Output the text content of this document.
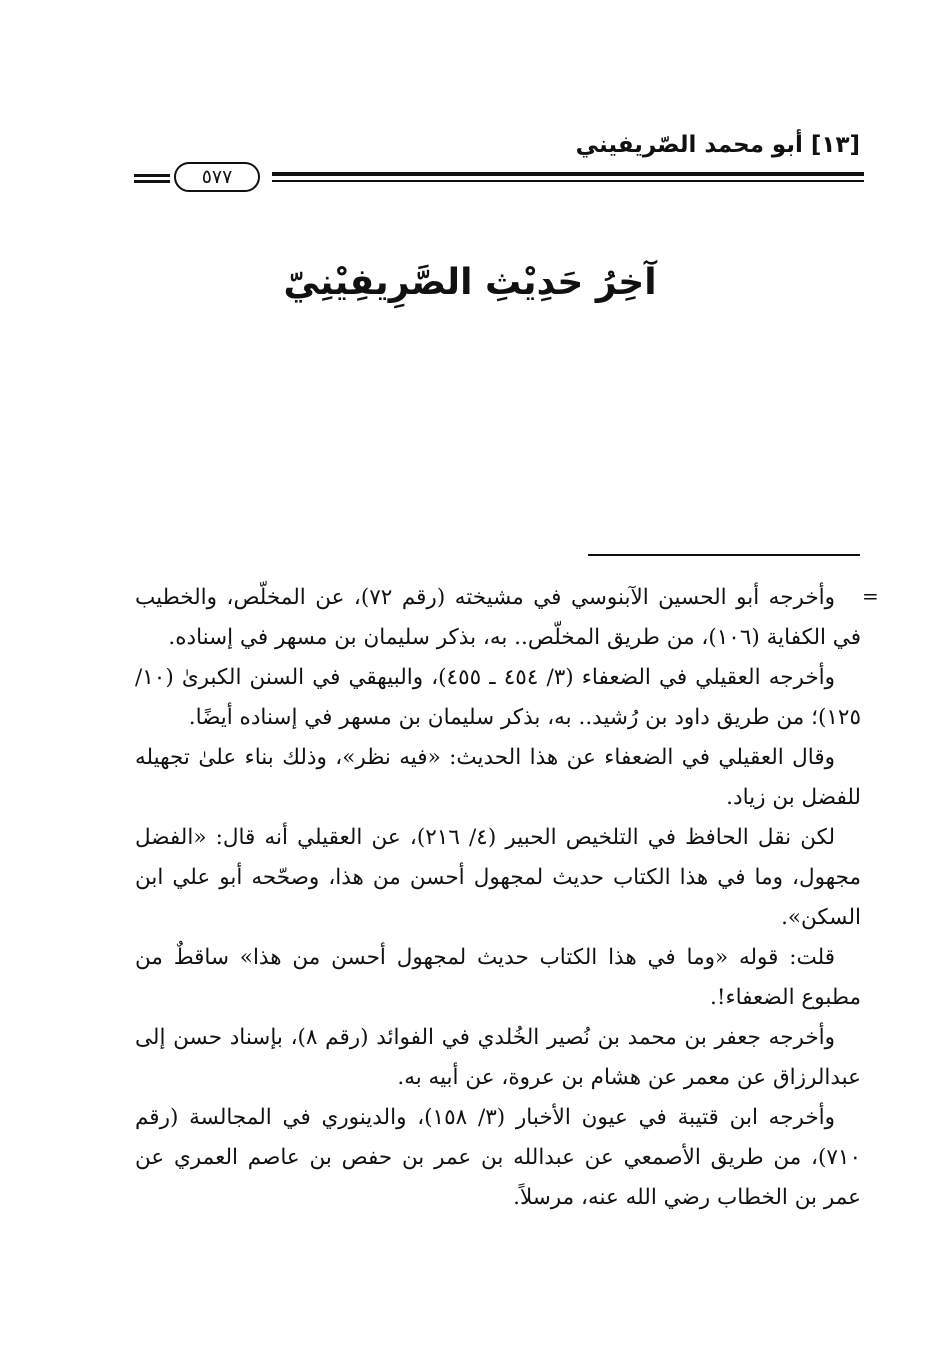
[١٣] أبو محمد الصّريفيني
٥٧٧
آخِرُ حَدِيْثِ الصَّرِيفِيْنِيّ
=

وأخرجه أبو الحسين الآبنوسي في مشيخته (رقم ٧٢)، عن المخلّص، والخطيب في الكفاية (١٠٦)، من طريق المخلّص.. به، بذكر سليمان بن مسهر في إسناده.

وأخرجه العقيلي في الضعفاء (٣/ ٤٥٤ ـ ٤٥٥)، والبيهقي في السنن الكبرىٰ (١٠/ ١٢٥)؛ من طريق داود بن رُشيد.. به، بذكر سليمان بن مسهر في إسناده أيضًا.

وقال العقيلي في الضعفاء عن هذا الحديث: «فيه نظر»، وذلك بناء علىٰ تجهيله للفضل بن زياد.

لكن نقل الحافظ في التلخيص الحبير (٤/ ٢١٦)، عن العقيلي أنه قال: «الفضل مجهول، وما في هذا الكتاب حديث لمجهول أحسن من هذا، وصحّحه أبو علي ابن السكن».

قلت: قوله «وما في هذا الكتاب حديث لمجهول أحسن من هذا» ساقطٌ من مطبوع الضعفاء!.

وأخرجه جعفر بن محمد بن نُصير الخُلدي في الفوائد (رقم ٨)، بإسناد حسن إلى عبدالرزاق عن معمر عن هشام بن عروة، عن أبيه به.

وأخرجه ابن قتيبة في عيون الأخبار (٣/ ١٥٨)، والدينوري في المجالسة (رقم ٧١٠)، من طريق الأصمعي عن عبدالله بن عمر بن حفص بن عاصم العمري عن عمر بن الخطاب رضي الله عنه، مرسلاً.
